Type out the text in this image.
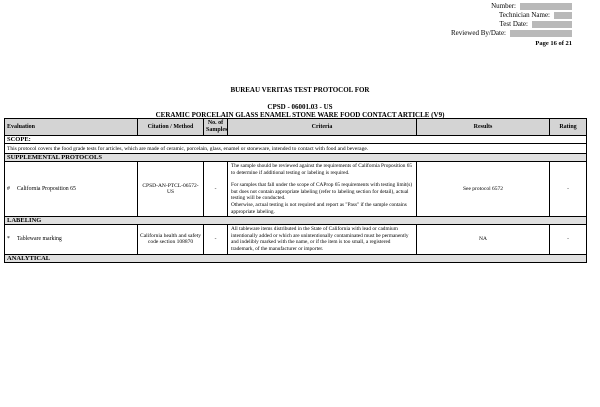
Number:
Technician Name:
Test Date:
Reviewed By/Date:
Page 16 of 21
BUREAU VERITAS TEST PROTOCOL FOR
CPSD - 06001.03 - US
CERAMIC PORCELAIN GLASS ENAMEL STONE WARE FOOD CONTACT ARTICLE (V9)
Evaluation	Citation / Method	No. of Samples	Criteria	Results	Rating
SCOPE:					
This protocol covers the food grade tests for articles, which are made of ceramic, porcelain, glass, enamel or stoneware, intended to contact with food and beverage.					
SUPPLEMENTAL PROTOCOLS					
# California Proposition 65	CPSD-AN-PTCL-06572-US	-	The sample should be reviewed against the requirements of California Proposition 65 to determine if additional testing or labeling is required.
For samples that fall under the scope of CAProp 65 requirements with testing limit(s) but does not contain appropriate labeling (refer to labeling section for detail), actual testing will be conducted.
Otherwise, actual testing is not required and report as "Pass" if the sample contains appropriate labeling.	See protocol 6572	-
LABELING					
* Tableware marking	California health and safety code section 108870	-	All tableware items distributed in the State of California with lead or cadmium intentionally added or which are unintentionally contaminated must be permanently and indelibly marked with the name, or if the item is too small, a registered trademark, of the manufacturer or importer.	NA	-
ANALYTICAL					
